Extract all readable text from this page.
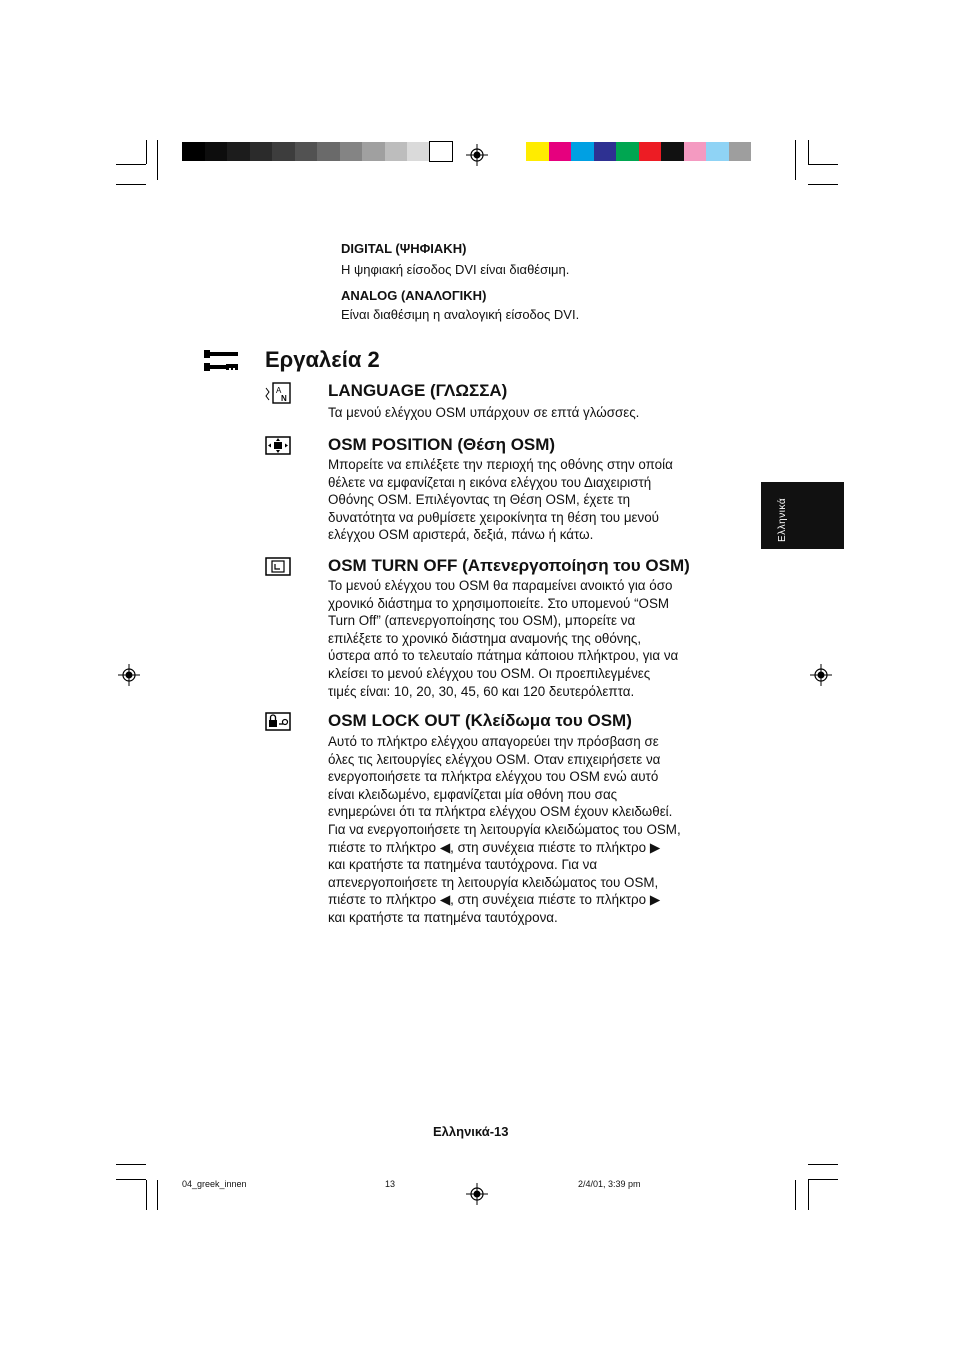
DIGITAL (ΨΗΦΙΑΚΗ)
Η ψηφιακή είσοδος DVI είναι διαθέσιμη.
ANALOG (ΑΝΑΛΟΓΙΚΗ)
Είναι διαθέσιμη η αναλογική είσοδος DVI.
Εργαλεία 2
A
N LANGUAGE (ΓΛΩΣΣΑ)
Τα μενού ελέγχου OSM υπάρχουν σε επτά γλώσσες.
OSM POSITION (Θέση OSM)
Μπορείτε να επιλέξετε την περιοχή της οθόνης στην οποία
θέλετε να εμφανίζεται η εικόνα ελέγχου του Διαχειριστή
Οθόνης OSM. Επιλέγοντας τη Θέση OSM, έχετε τη
δυνατότητα να ρυθμίσετε χειροκίνητα τη θέση του μενού
ελέγχου OSM αριστερά, δεξιά, πάνω ή κάτω.
OSM TURN OFF (Απενεργοποίηση του OSM)
Το μενού ελέγχου του OSM θα παραμείνει ανοικτό για όσο
χρονικό διάστημα το χρησιμοποιείτε. Στο υπομενού “OSM
Turn Off” (απενεργοποίησης του OSM), μπορείτε να
επιλέξετε το χρονικό διάστημα αναμονής της οθόνης,
ύστερα από το τελευταίο πάτημα κάποιου πλήκτρου, για να
κλείσει το μενού ελέγχου του OSM. Οι προεπιλεγμένες
τιμές είναι: 10, 20, 30, 45, 60 και 120 δευτερόλεπτα.
OSM LOCK OUT (Κλείδωμα του OSM)
Αυτό το πλήκτρο ελέγχου απαγορεύει την πρόσβαση σε
όλες τις λειτουργίες ελέγχου OSM. Οταν επιχειρήσετε να
ενεργοποιήσετε τα πλήκτρα ελέγχου του OSM ενώ αυτό
είναι κλειδωμένο, εμφανίζεται μία οθόνη που σας
ενημερώνει ότι τα πλήκτρα ελέγχου OSM έχουν κλειδωθεί.
Για να ενεργοποιήσετε τη λειτουργία κλειδώματος του OSM,
πιέστε το πλήκτρο ◀, στη συνέχεια πιέστε το πλήκτρο ▶
και κρατήστε τα πατημένα ταυτόχρονα. Για να
απενεργοποιήσετε τη λειτουργία κλειδώματος του OSM,
πιέστε το πλήκτρο ◀, στη συνέχεια πιέστε το πλήκτρο ▶
και κρατήστε τα πατημένα ταυτόχρονα.
Ελληνικά
Ελληνικά-13
04_greek_innen	13	2/4/01, 3:39 pm
